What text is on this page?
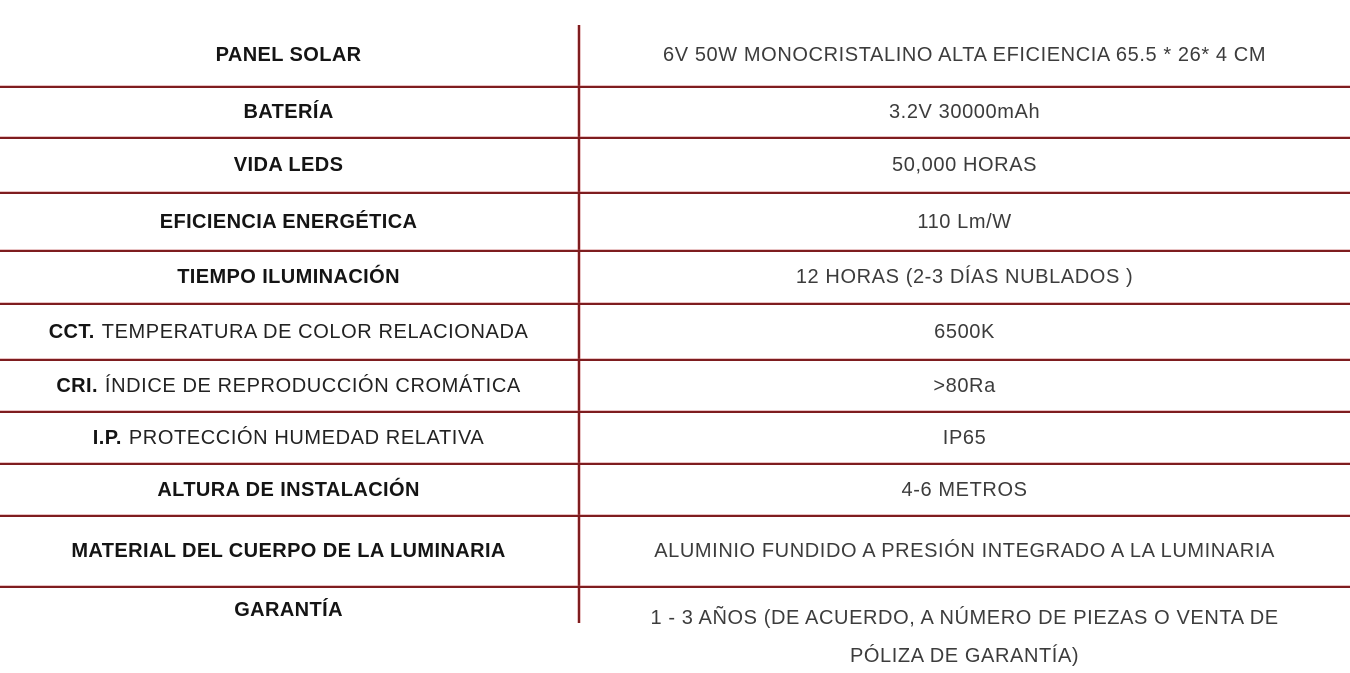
PANEL SOLAR	6V 50W MONOCRISTALINO ALTA EFICIENCIA 65.5 * 26* 4 CM
BATERÍA	3.2V 30000mAh
VIDA LEDS	50,000 HORAS
EFICIENCIA ENERGÉTICA	110 Lm/W
TIEMPO ILUMINACIÓN	12 HORAS (2-3 DÍAS NUBLADOS )
CCT. TEMPERATURA DE COLOR RELACIONADA	6500K
CRI. ÍNDICE DE REPRODUCCIÓN CROMÁTICA	>80Ra
I.P. PROTECCIÓN HUMEDAD RELATIVA	IP65
ALTURA DE INSTALACIÓN	4-6 METROS
MATERIAL DEL CUERPO DE LA LUMINARIA	ALUMINIO FUNDIDO A PRESIÓN INTEGRADO A LA LUMINARIA
GARANTÍA	1 - 3 AÑOS (DE ACUERDO, A NÚMERO DE PIEZAS O VENTA DE PÓLIZA DE GARANTÍA)
